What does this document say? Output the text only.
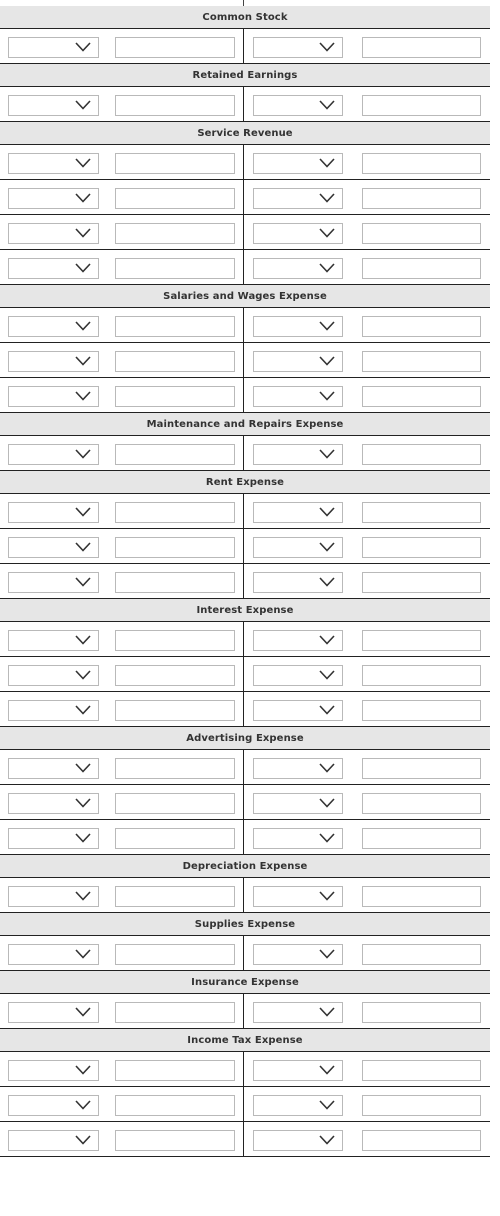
Common Stock
Retained Earnings
Service Revenue
Salaries and Wages Expense
Maintenance and Repairs Expense
Rent Expense
Interest Expense
Advertising Expense
Depreciation Expense
Supplies Expense
Insurance Expense
Income Tax Expense
